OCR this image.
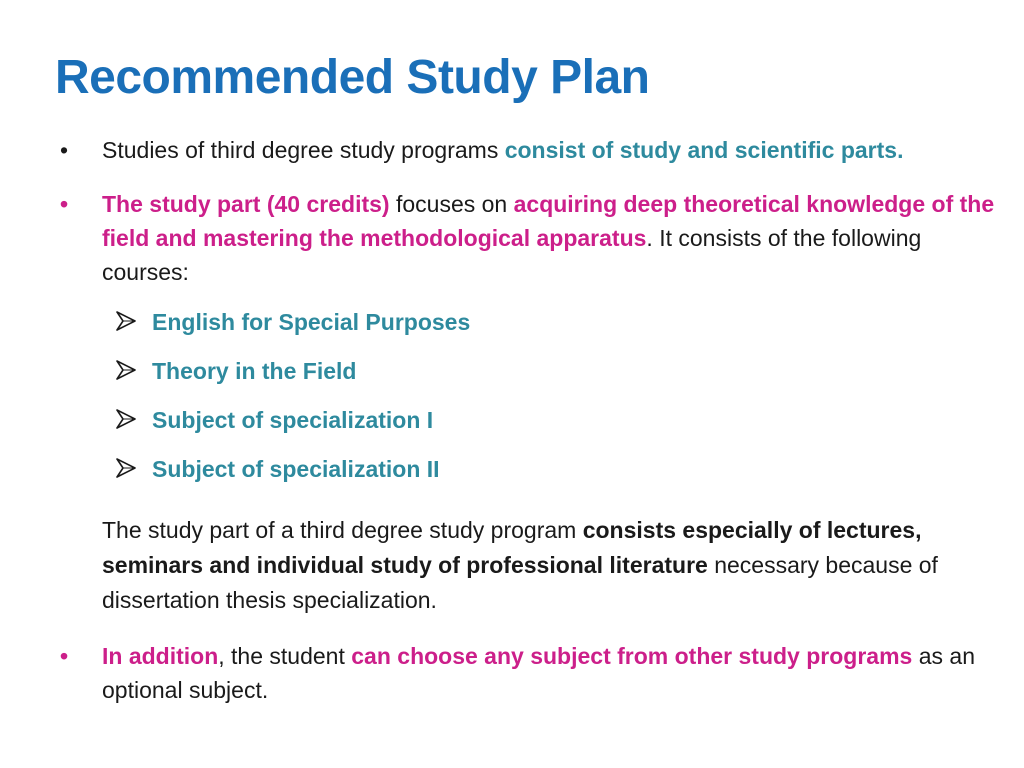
Recommended Study Plan
•	Studies of third degree study programs consist of study and scientific parts.
•	The study part (40 credits) focuses on acquiring deep theoretical knowledge of the field and mastering the methodological apparatus. It consists of the following courses:
English for Special Purposes
Theory in the Field
Subject of specialization I
Subject of specialization II
The study part of a third degree study program consists especially of lectures, seminars and individual study of professional literature necessary because of dissertation thesis specialization.
•	In addition, the student can choose any subject from other study programs as an optional subject.
